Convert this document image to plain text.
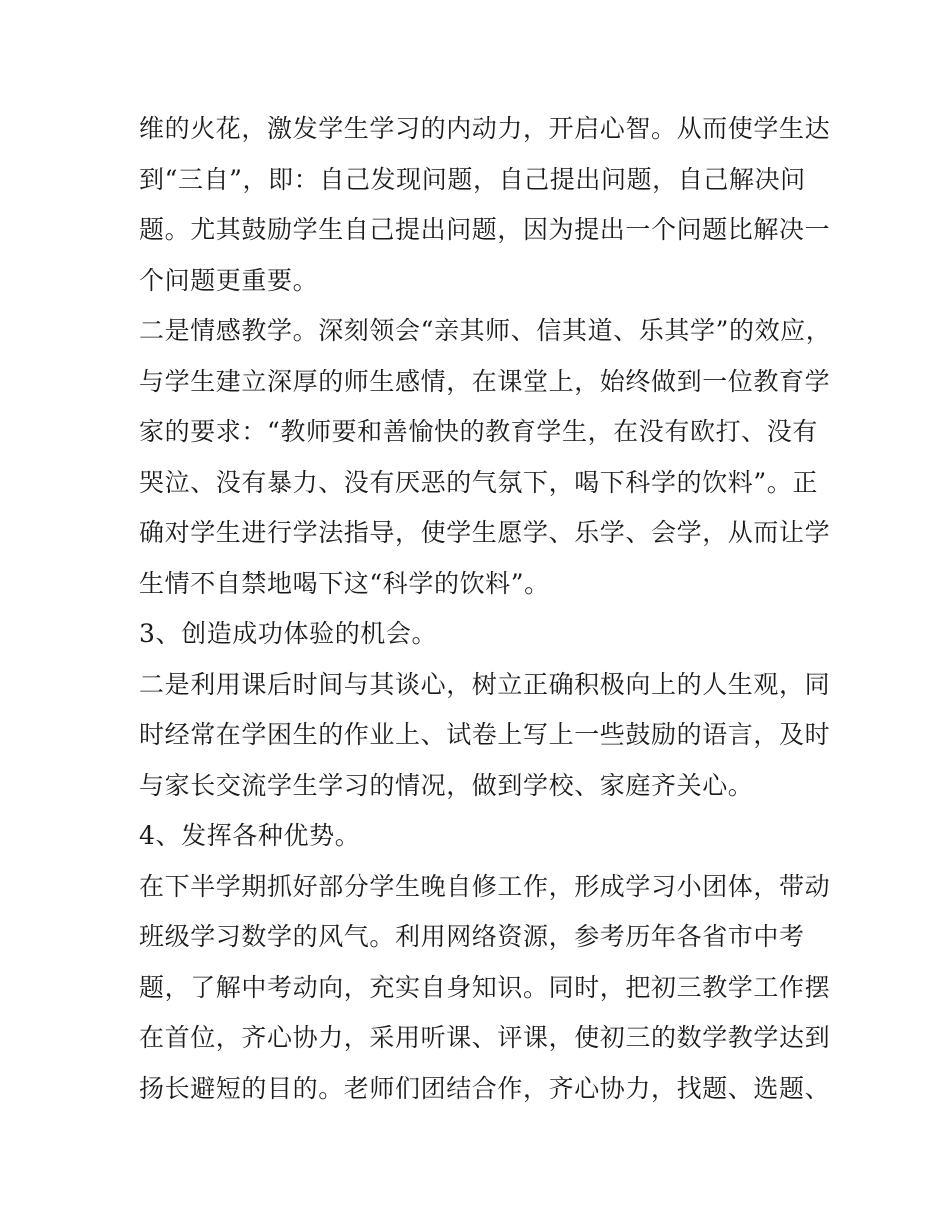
维的火花，激发学生学习的内动力，开启心智。从而使学生达
到“三自”，即：自己发现问题，自己提出问题，自己解决问
题。尤其鼓励学生自己提出问题，因为提出一个问题比解决一
个问题更重要。
二是情感教学。深刻领会“亲其师、信其道、乐其学”的效应，
与学生建立深厚的师生感情，在课堂上，始终做到一位教育学
家的要求：“教师要和善愉快的教育学生，在没有欧打、没有
哭泣、没有暴力、没有厌恶的气氛下，喝下科学的饮料”。正
确对学生进行学法指导，使学生愿学、乐学、会学，从而让学
生情不自禁地喝下这“科学的饮料”。
3、创造成功体验的机会。
二是利用课后时间与其谈心，树立正确积极向上的人生观，同
时经常在学困生的作业上、试卷上写上一些鼓励的语言，及时
与家长交流学生学习的情况，做到学校、家庭齐关心。
4、发挥各种优势。
在下半学期抓好部分学生晚自修工作，形成学习小团体，带动
班级学习数学的风气。利用网络资源，参考历年各省市中考
题，了解中考动向，充实自身知识。同时，把初三教学工作摆
在首位，齐心协力，采用听课、评课，使初三的数学教学达到
扬长避短的目的。老师们团结合作，齐心协力，找题、选题、
